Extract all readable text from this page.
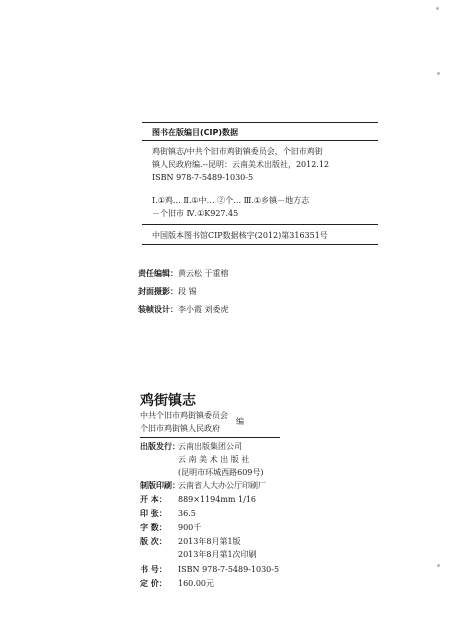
图书在版编目(CIP)数据
鸡街镇志/中共个旧市鸡街镇委员会，个旧市鸡街
镇人民政府编.--昆明：云南美术出版社，2012.12
ISBN 978-7-5489-1030-5
Ⅰ.①鸡… Ⅱ.①中… ②个… Ⅲ.①乡镇－地方志
－个旧市 Ⅳ.①K927.45
中国版本图书馆CIP数据核字(2012)第316351号
责任编辑：黄云松 于重榕
封面摄影：段 锡
装帧设计：李小霞 刘委虎
鸡街镇志
中共个旧市鸡街镇委员会
个旧市鸡街镇人民政府
编
出版发行：
云南出版集团公司
云 南 美 术 出 版 社
(昆明市环城西路609号)
制版印刷：
云南省人大办公厅印刷厂
开 本： 889×1194mm 1/16
印 张： 36.5
字 数： 900千
版 次： 2013年8月第1版
2013年8月第1次印刷
书 号： ISBN 978-7-5489-1030-5
定 价： 160.00元
